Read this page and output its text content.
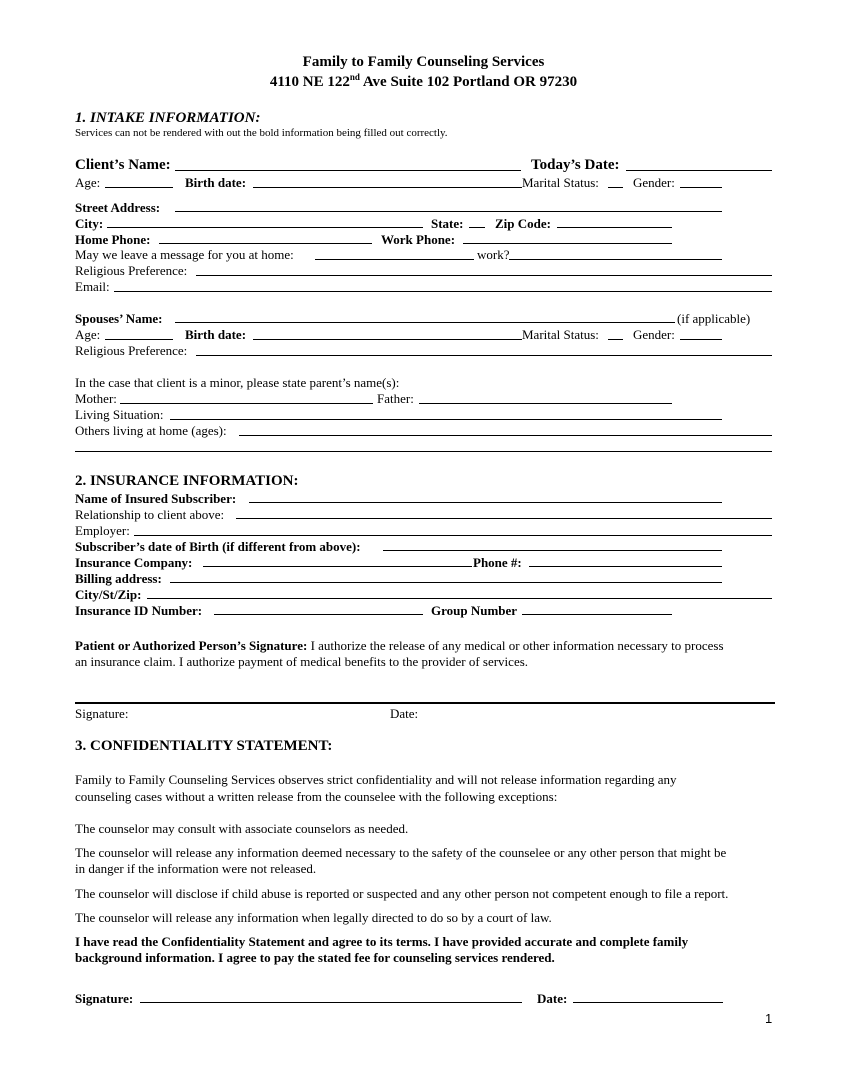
Family to Family Counseling Services
4110 NE 122nd Ave Suite 102 Portland OR 97230
1. INTAKE INFORMATION:
Services can not be rendered with out the bold information being filled out correctly.
Client’s Name:	Today’s Date:
Age:	Birth date:	Marital Status:	Gender:
Street Address:
City:	State: Zip Code:
Home Phone:	Work Phone:
May we leave a message for you at home:	work?
Religious Preference:
Email:
Spouses’ Name:	(if applicable)
Age:	Birth date:	Marital Status:	Gender:
Religious Preference:
In the case that client is a minor, please state parent’s name(s):
Mother:	Father:
Living Situation:
Others living at home (ages):
2. INSURANCE INFORMATION:
Name of Insured Subscriber:
Relationship to client above:
Employer:
Subscriber’s date of Birth (if different from above):
Insurance Company:	Phone #:
Billing address:
City/St/Zip:
Insurance ID Number:	Group Number
Patient or Authorized Person’s Signature: I authorize the release of any medical or other information necessary to process
an insurance claim. I authorize payment of medical benefits to the provider of services.
Signature:	Date:
3. CONFIDENTIALITY STATEMENT:
Family to Family Counseling Services observes strict confidentiality and will not release information regarding any
counseling cases without a written release from the counselee with the following exceptions:
The counselor may consult with associate counselors as needed.
The counselor will release any information deemed necessary to the safety of the counselee or any other person that might be
in danger if the information were not released.
The counselor will disclose if child abuse is reported or suspected and any other person not competent enough to file a report.
The counselor will release any information when legally directed to do so by a court of law.
I have read the Confidentiality Statement and agree to its terms. I have provided accurate and complete family
background information. I agree to pay the stated fee for counseling services rendered.
Signature:	Date:
1
